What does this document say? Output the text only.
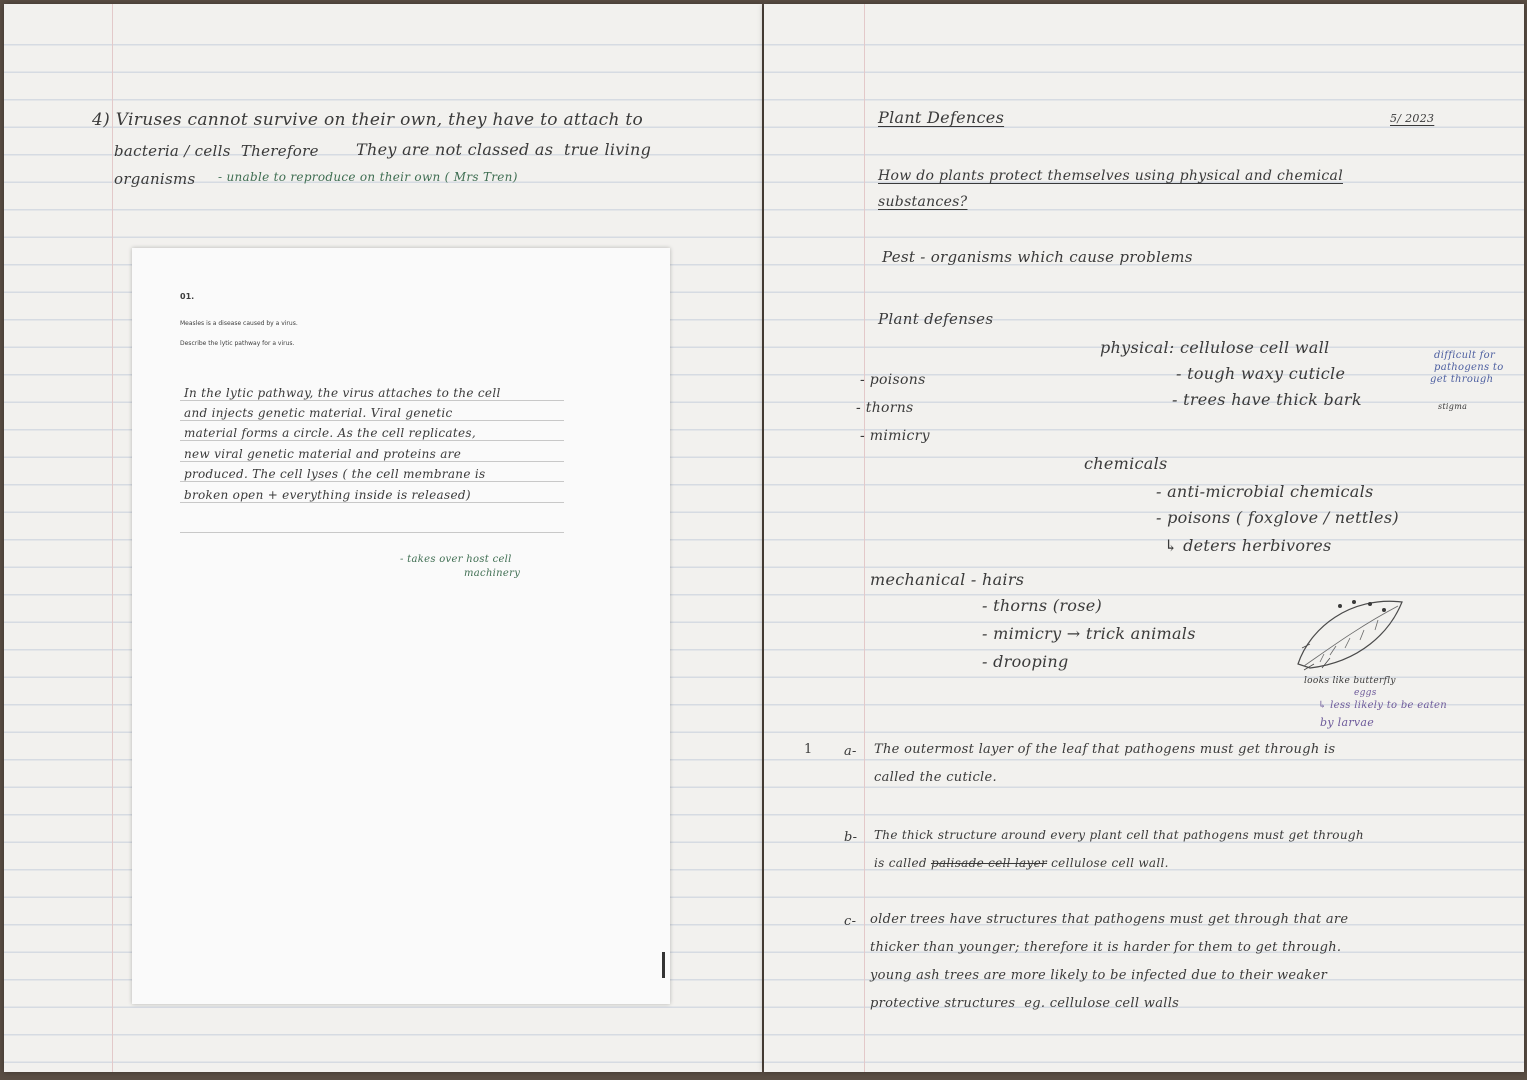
4) Viruses cannot survive on their own, they have to attach to

bacteria / cells  Therefore They are not classed as  true living

organisms - unable to reproduce on their own ( Mrs Tren)

01.

Measles is a disease caused by a virus.

Describe the lytic pathway for a virus.

In the lytic pathway, the virus attaches to the cell

and injects genetic material. Viral genetic

material forms a circle. As the cell replicates,

new viral genetic material and proteins are

produced. The cell lyses ( the cell membrane is

broken open + everything inside is released)

- takes over host cell

machinery

Plant Defences	5/ 2023

How do plants protect themselves using physical and chemical

substances?

Pest - organisms which cause problems

Plant defenses

- poisons

- thorns

- mimicry

physical: cellulose cell wall

- tough waxy cuticle

- trees have thick bark

difficult for

pathogens to

get through

stigma

chemicals

- anti-microbial chemicals

- poisons ( foxglove / nettles)

↳ deters herbivores

mechanical - hairs

- thorns (rose)

- mimicry → trick animals

- drooping

looks like butterfly

eggs

↳ less likely to be eaten

by larvae

1 a- The outermost layer of the leaf that pathogens must get through is

called the cuticle.

b- The thick structure around every plant cell that pathogens must get through

is called palisade cell layer cellulose cell wall.

c- older trees have structures that pathogens must get through that are

thicker than younger; therefore it is harder for them to get through.

young ash trees are more likely to be infected due to their weaker

protective structures  eg. cellulose cell walls
